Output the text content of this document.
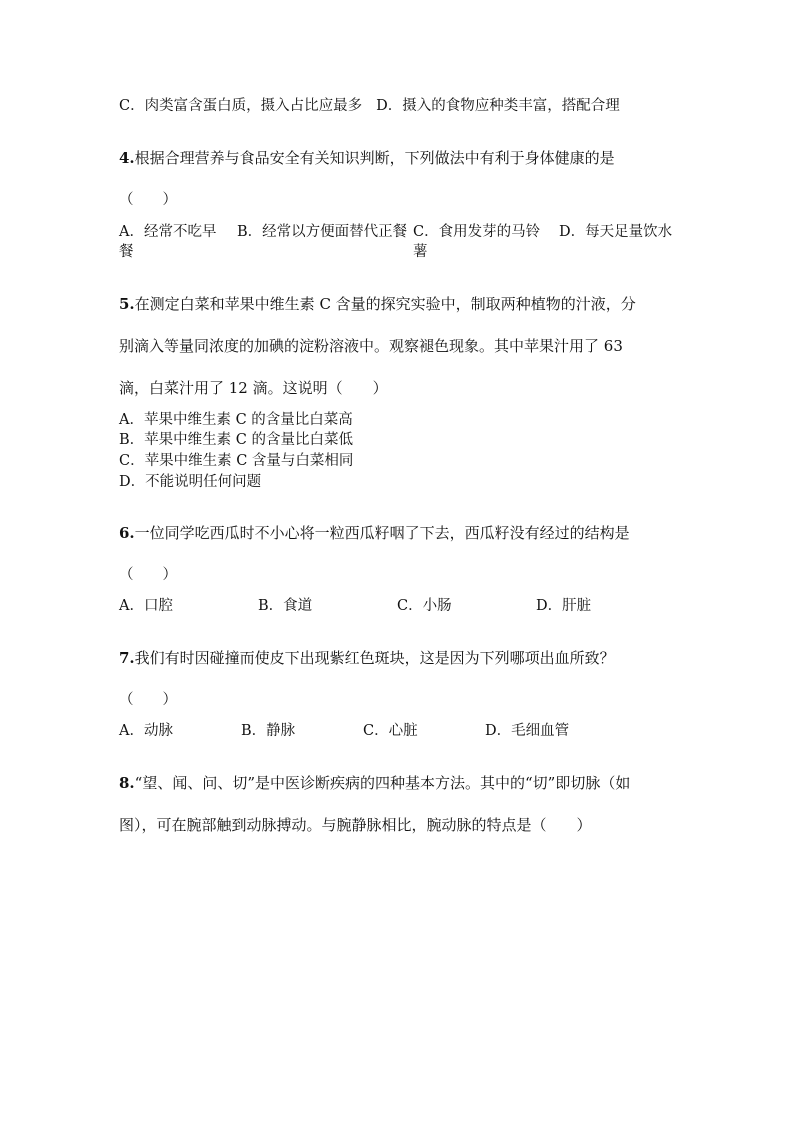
C．肉类富含蛋白质，摄入占比应最多 D．摄入的食物应种类丰富，搭配合理
4.根据合理营养与食品安全有关知识判断，下列做法中有利于身体健康的是
（　　）
A．经常不吃早餐
B．经常以方便面替代正餐 C．食用发芽的马铃薯
D．每天足量饮水
5.在测定白菜和苹果中维生素 C 含量的探究实验中，制取两种植物的汁液，分
别滴入等量同浓度的加碘的淀粉溶液中。观察褪色现象。其中苹果汁用了 63
滴，白菜汁用了 12 滴。这说明（　　）
A．苹果中维生素 C 的含量比白菜高
B．苹果中维生素 C 的含量比白菜低
C．苹果中维生素 C 含量与白菜相同
D．不能说明任何问题
6.一位同学吃西瓜时不小心将一粒西瓜籽咽了下去，西瓜籽没有经过的结构是
（　　）
A．口腔	B．食道	C．小肠	D．肝脏
7.我们有时因碰撞而使皮下出现紫红色斑块，这是因为下列哪项出血所致？
（　　）
A．动脉	B．静脉	C．心脏	D．毛细血管
8.“望、闻、问、切”是中医诊断疾病的四种基本方法。其中的“切”即切脉（如
图），可在腕部触到动脉搏动。与腕静脉相比，腕动脉的特点是（　　）
